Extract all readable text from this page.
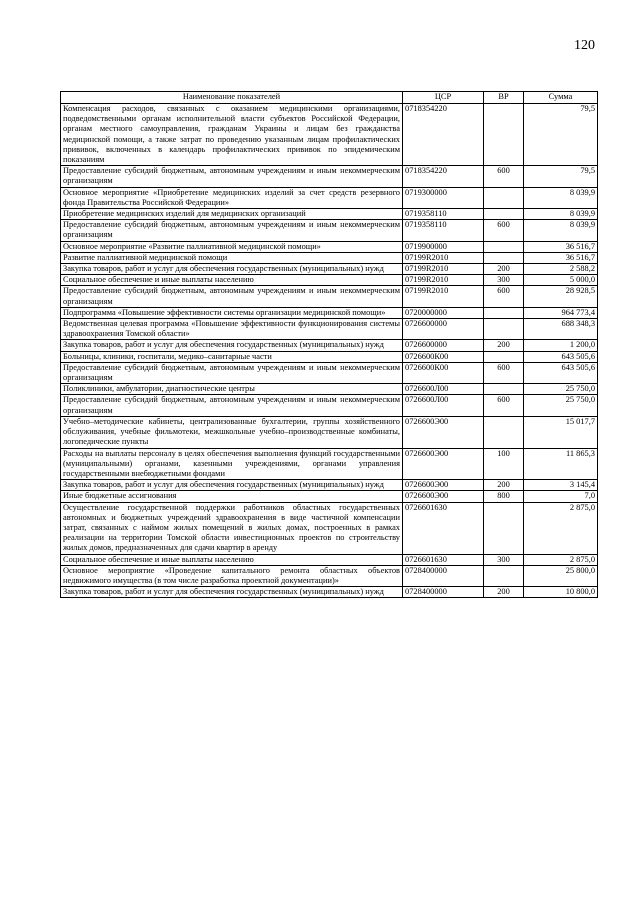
120
Наименование показателей	ЦСР	ВР	Сумма
Компенсация расходов, связанных с оказанием медицинскими организациями, подведомственными органам исполнительной власти субъектов Российской Федерации, органам местного самоуправления, гражданам Украины и лицам без гражданства медицинской помощи, а также затрат по проведению указанным лицам профилактических прививок, включенных в календарь профилактических прививок по эпидемическим показаниям	0718354220		79,5
Предоставление субсидий бюджетным, автономным учреждениям и иным некоммерческим организациям	0718354220	600	79,5
Основное мероприятие «Приобретение медицинских изделий за счет средств резервного фонда Правительства Российской Федерации»	0719300000		8 039,9
Приобретение медицинских изделий для медицинских организаций	0719358110		8 039,9
Предоставление субсидий бюджетным, автономным учреждениям и иным некоммерческим организациям	0719358110	600	8 039,9
Основное мероприятие «Развитие паллиативной медицинской помощи»	0719900000		36 516,7
Развитие паллиативной медицинской помощи	07199R2010		36 516,7
Закупка товаров, работ и услуг для обеспечения государственных (муниципальных) нужд	07199R2010	200	2 588,2
Социальное обеспечение и иные выплаты населению	07199R2010	300	5 000,0
Предоставление субсидий бюджетным, автономным учреждениям и иным некоммерческим организациям	07199R2010	600	28 928,5
Подпрограмма «Повышение эффективности системы организации медицинской помощи»	0720000000		964 773,4
Ведомственная целевая программа «Повышение эффективности функционирования системы здравоохранения Томской области»	0726600000		688 348,3
Закупка товаров, работ и услуг для обеспечения государственных (муниципальных) нужд	0726600000	200	1 200,0
Больницы, клиники, госпитали, медико–санитарные части	0726600К00		643 505,6
Предоставление субсидий бюджетным, автономным учреждениям и иным некоммерческим организациям	0726600К00	600	643 505,6
Поликлиники, амбулатории, диагностические центры	0726600Л00		25 750,0
Предоставление субсидий бюджетным, автономным учреждениям и иным некоммерческим организациям	0726600Л00	600	25 750,0
Учебно–методические кабинеты, централизованные бухгалтерии, группы хозяйственного обслуживания, учебные фильмотеки, межшкольные учебно–производственные комбинаты, логопедические пункты	0726600Э00		15 017,7
Расходы на выплаты персоналу в целях обеспечения выполнения функций государственными (муниципальными) органами, казенными учреждениями, органами управления государственными внебюджетными фондами	0726600Э00	100	11 865,3
Закупка товаров, работ и услуг для обеспечения государственных (муниципальных) нужд	0726600Э00	200	3 145,4
Иные бюджетные ассигнования	0726600Э00	800	7,0
Осуществление государственной поддержки работников областных государственных автономных и бюджетных учреждений здравоохранения в виде частичной компенсации затрат, связанных с наймом жилых помещений в жилых домах, построенных в рамках реализации на территории Томской области инвестиционных проектов по строительству жилых домов, предназначенных для сдачи квартир в аренду	0726601630		2 875,0
Социальное обеспечение и иные выплаты населению	0726601630	300	2 875,0
Основное мероприятие «Проведение капитального ремонта областных объектов недвижимого имущества (в том числе разработка проектной документации)»	0728400000		25 800,0
Закупка товаров, работ и услуг для обеспечения государственных (муниципальных) нужд	0728400000	200	10 800,0
